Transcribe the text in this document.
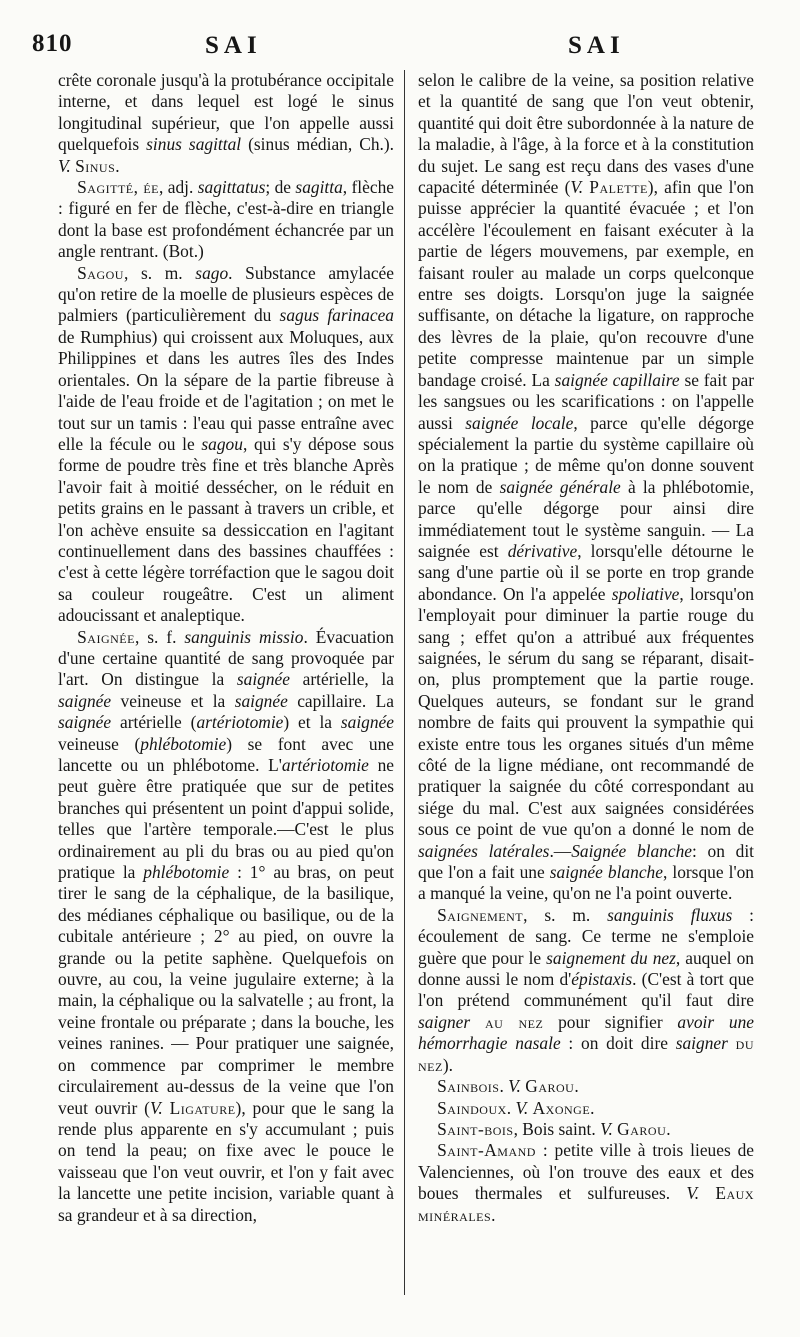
810	SAI	SAI

crête coronale jusqu'à la protubérance occipitale interne, et dans lequel est logé le sinus longitudinal supérieur, que l'on appelle aussi quelquefois sinus sagittal (sinus médian, Ch.). V. Sinus.

Sagitté, ée, adj. sagittatus; de sagitta, flèche : figuré en fer de flèche, c'est-à-dire en triangle dont la base est profondément échancrée par un angle rentrant. (Bot.)

Sagou, s. m. sago. Substance amylacée qu'on retire de la moelle de plusieurs espèces de palmiers (particulièrement du sagus farinacea de Rumphius) qui croissent aux Moluques, aux Philippines et dans les autres îles des Indes orientales. On la sépare de la partie fibreuse à l'aide de l'eau froide et de l'agitation ; on met le tout sur un tamis : l'eau qui passe entraîne avec elle la fécule ou le sagou, qui s'y dépose sous forme de poudre très fine et très blanche Après l'avoir fait à moitié dessécher, on le réduit en petits grains en le passant à travers un crible, et l'on achève ensuite sa dessiccation en l'agitant continuellement dans des bassines chauffées : c'est à cette légère torréfaction que le sagou doit sa couleur rougeâtre. C'est un aliment adoucissant et analeptique.

Saignée, s. f. sanguinis missio. Évacuation d'une certaine quantité de sang provoquée par l'art. On distingue la saignée artérielle, la saignée veineuse et la saignée capillaire. La saignée artérielle (artériotomie) et la saignée veineuse (phlébotomie) se font avec une lancette ou un phlébotome. L'artériotomie ne peut guère être pratiquée que sur de petites branches qui présentent un point d'appui solide, telles que l'artère temporale.—C'est le plus ordinairement au pli du bras ou au pied qu'on pratique la phlébotomie : 1° au bras, on peut tirer le sang de la céphalique, de la basilique, des médianes céphalique ou basilique, ou de la cubitale antérieure ; 2° au pied, on ouvre la grande ou la petite saphène. Quelquefois on ouvre, au cou, la veine jugulaire externe; à la main, la céphalique ou la salvatelle ; au front, la veine frontale ou préparate ; dans la bouche, les veines ranines. — Pour pratiquer une saignée, on commence par comprimer le membre circulairement au-dessus de la veine que l'on veut ouvrir (V. Ligature), pour que le sang la rende plus apparente en s'y accumulant ; puis on tend la peau; on fixe avec le pouce le vaisseau que l'on veut ouvrir, et l'on y fait avec la lancette une petite incision, variable quant à sa grandeur et à sa direction,

selon le calibre de la veine, sa position relative et la quantité de sang que l'on veut obtenir, quantité qui doit être subordonnée à la nature de la maladie, à l'âge, à la force et à la constitution du sujet. Le sang est reçu dans des vases d'une capacité déterminée (V. Palette), afin que l'on puisse apprécier la quantité évacuée ; et l'on accélère l'écoulement en faisant exécuter à la partie de légers mouvemens, par exemple, en faisant rouler au malade un corps quelconque entre ses doigts. Lorsqu'on juge la saignée suffisante, on détache la ligature, on rapproche des lèvres de la plaie, qu'on recouvre d'une petite compresse maintenue par un simple bandage croisé. La saignée capillaire se fait par les sangsues ou les scarifications : on l'appelle aussi saignée locale, parce qu'elle dégorge spécialement la partie du système capillaire où on la pratique ; de même qu'on donne souvent le nom de saignée générale à la phlébotomie, parce qu'elle dégorge pour ainsi dire immédiatement tout le système sanguin. — La saignée est dérivative, lorsqu'elle détourne le sang d'une partie où il se porte en trop grande abondance. On l'a appelée spoliative, lorsqu'on l'employait pour diminuer la partie rouge du sang ; effet qu'on a attribué aux fréquentes saignées, le sérum du sang se réparant, disait-on, plus promptement que la partie rouge. Quelques auteurs, se fondant sur le grand nombre de faits qui prouvent la sympathie qui existe entre tous les organes situés d'un même côté de la ligne médiane, ont recommandé de pratiquer la saignée du côté correspondant au siége du mal. C'est aux saignées considérées sous ce point de vue qu'on a donné le nom de saignées latérales.—Saignée blanche: on dit que l'on a fait une saignée blanche, lorsque l'on a manqué la veine, qu'on ne l'a point ouverte.

Saignement, s. m. sanguinis fluxus : écoulement de sang. Ce terme ne s'emploie guère que pour le saignement du nez, auquel on donne aussi le nom d'épistaxis. (C'est à tort que l'on prétend communément qu'il faut dire saigner au nez pour signifier avoir une hémorrhagie nasale : on doit dire saigner du nez).

Sainbois. V. Garou.

Saindoux. V. Axonge.

Saint-bois, Bois saint. V. Garou.

Saint-Amand : petite ville à trois lieues de Valenciennes, où l'on trouve des eaux et des boues thermales et sulfureuses. V. Eaux minérales.
